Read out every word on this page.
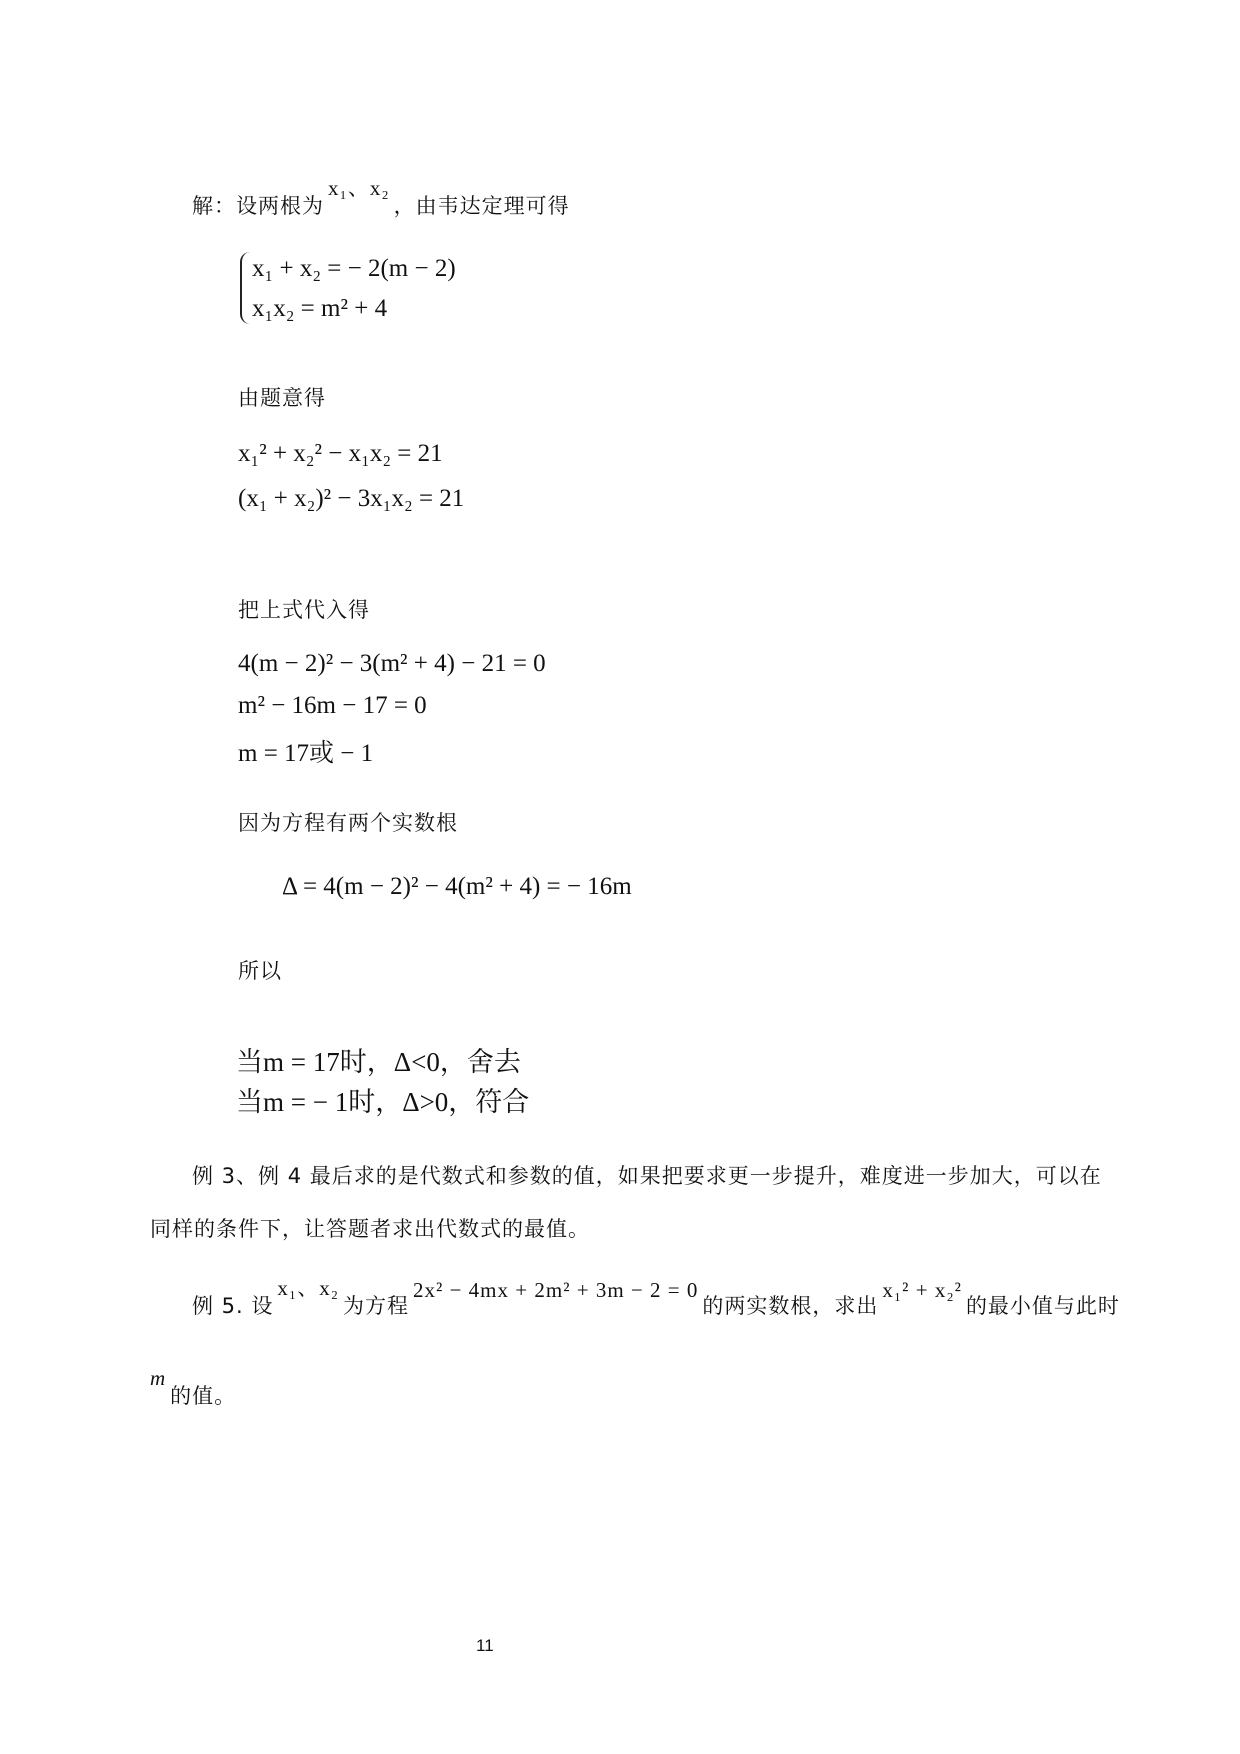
解：设两根为x₁、x₂，由韦达定理可得
x₁ + x₂ = − 2(m − 2)
x₁x₂ = m² + 4
由题意得
x₁² + x₂² − x₁x₂ = 21
(x₁ + x₂)² − 3x₁x₂ = 21
把上式代入得
4(m − 2)² − 3(m² + 4) − 21 = 0
m² − 16m − 17 = 0
m = 17或 − 1
因为方程有两个实数根
Δ = 4(m − 2)² − 4(m² + 4) = − 16m
所以
当m = 17时，Δ<0，舍去
当m = − 1时，Δ>0，符合
例 3、例 4 最后求的是代数式和参数的值，如果把要求更一步提升，难度进一步加大，可以在
同样的条件下，让答题者求出代数式的最值。
例 5. 设x₁、x₂为方程2x² − 4mx + 2m² + 3m − 2 = 0的两实数根，求出x₁² + x₂²的最小值与此时
m的值。
11
